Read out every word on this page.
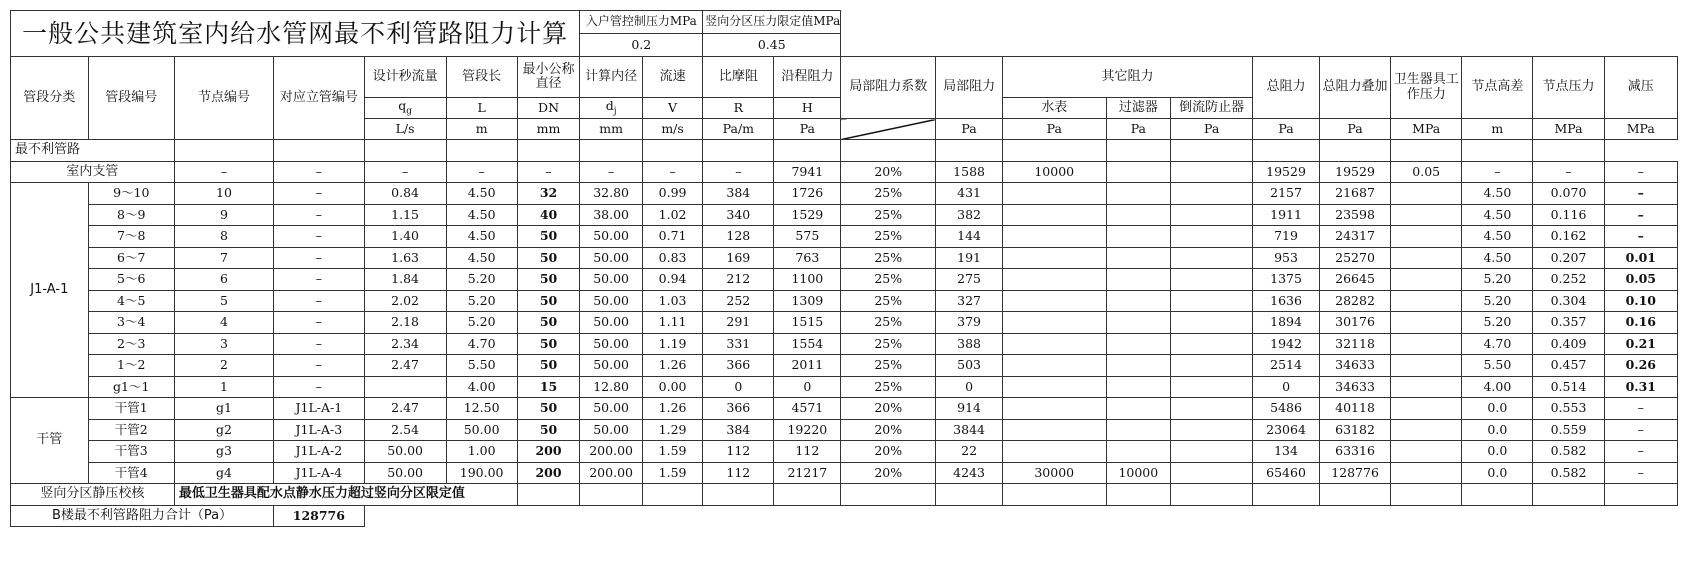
一般公共建筑室内给水管网最不利管路阻力计算							入户管控制压力MPa		竖向分区压力限定值MPa												
							0.2		0.45												
管段分类	管段编号	节点编号	对应立管编号	设计秒流量	管段长	最小公称直径	计算内径	流速	比摩阻	沿程阻力	局部阻力系数	局部阻力	其它阻力			总阻力	总阻力叠加	卫生器具工作压力	节点高差	节点压力	减压
				$q_g$	L	DN	$d_j$	V	R	H			水表	过滤器	倒流防止器						
				L/s	m	mm	mm	m/s	Pa/m	Pa		Pa	Pa	Pa	Pa	Pa	Pa	MPa	m	MPa	MPa
最不利管路																					
室内支管		–	–	–	–	–	–	–	–	7941	20%	1588	10000			19529	19529	0.05	–	–	–
J1-A-1	9～10	10	–	0.84	4.50	32	32.80	0.99	384	1726	25%	431				2157	21687		4.50	0.070	–
	8～9	9	–	1.15	4.50	40	38.00	1.02	340	1529	25%	382				1911	23598		4.50	0.116	–
	7～8	8	–	1.40	4.50	50	50.00	0.71	128	575	25%	144				719	24317		4.50	0.162	–
	6～7	7	–	1.63	4.50	50	50.00	0.83	169	763	25%	191				953	25270		4.50	0.207	0.01
	5～6	6	–	1.84	5.20	50	50.00	0.94	212	1100	25%	275				1375	26645		5.20	0.252	0.05
	4～5	5	–	2.02	5.20	50	50.00	1.03	252	1309	25%	327				1636	28282		5.20	0.304	0.10
	3～4	4	–	2.18	5.20	50	50.00	1.11	291	1515	25%	379				1894	30176		5.20	0.357	0.16
	2～3	3	–	2.34	4.70	50	50.00	1.19	331	1554	25%	388				1942	32118		4.70	0.409	0.21
	1～2	2	–	2.47	5.50	50	50.00	1.26	366	2011	25%	503				2514	34633		5.50	0.457	0.26
	g1～1	1	–		4.00	15	12.80	0.00	0	0	25%	0				0	34633		4.00	0.514	0.31
干管	干管1	g1	J1L-A-1	2.47	12.50	50	50.00	1.26	366	4571	20%	914				5486	40118		0.0	0.553	–
	干管2	g2	J1L-A-3	2.54	50.00	50	50.00	1.29	384	19220	20%	3844				23064	63182		0.0	0.559	–
	干管3	g3	J1L-A-2	50.00	1.00	200	200.00	1.59	112	112	20%	22				134	63316		0.0	0.582	–
	干管4	g4	J1L-A-4	50.00	190.00	200	200.00	1.59	112	21217	20%	4243	30000	10000		65460	128776		0.0	0.582	–
竖向分区静压校核		最低卫生器具配水点静水压力超过竖向分区限定值																			
B楼最不利管路阻力合计（Pa）			128776																		
